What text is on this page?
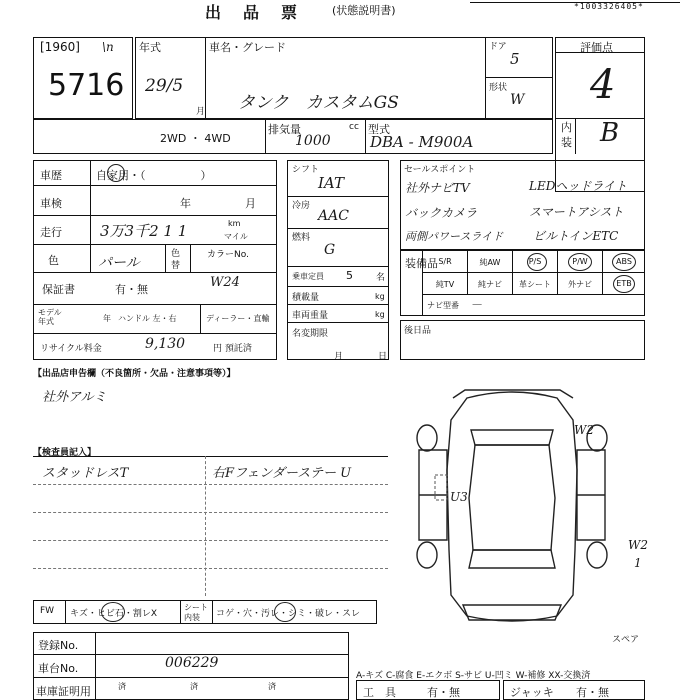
出　品　票	(状態説明書)	*1003326405*
[1960] \n
5716
年式
29/5
月
車名・グレード
タンク　カスタムGS
ドア
5
形状
W
評価点
4
内
装 B
2WD ・ 4WD
排気量
1000
cc 型式
DBA - M900A
車歴	自家用・（　　　　　）
車検	年	月
走行	3万3千2 1 1	km
マイル
色	パール
色
替
カラーNo.
W24
保証書	有・無
モデル
年式	年 ハンドル 左・右	ディーラー・直輸
リサイクル料金	9,130	円 預託済
シフト
IAT
冷房
AAC
燃料
G
乗車定員 5	名
積載量	kg
車両重量	kg
名変期限
月	日
セールスポイント
社外ナビTV	LEDヘッドライト
バックカメラ	スマートアシスト
両側パワースライド ビルトインETC
装備品 S/R	純AW	P/S	P/W	ABS
純TV	純ナビ	革シート	外ナビ	ETB
ナビ型番 －
後日品
【出品店申告欄（不良箇所・欠品・注意事項等）】
社外アルミ
【検査員記入】
スタッドレスT	右Fフェンダーステー U
W2
U3
W2
1
スペア
FW キズ・ヒビ石・割レX
シート
内装 コゲ・穴・汚レ・シミ・破レ・スレ
登録No.
車台No.	006229
車庫証明用	済	済	済
A-キズ C-腐食 E-エクボ S-サビ U-凹ミ W-補修 XX-交換済
工　具	有・無	ジャッキ 有・無
